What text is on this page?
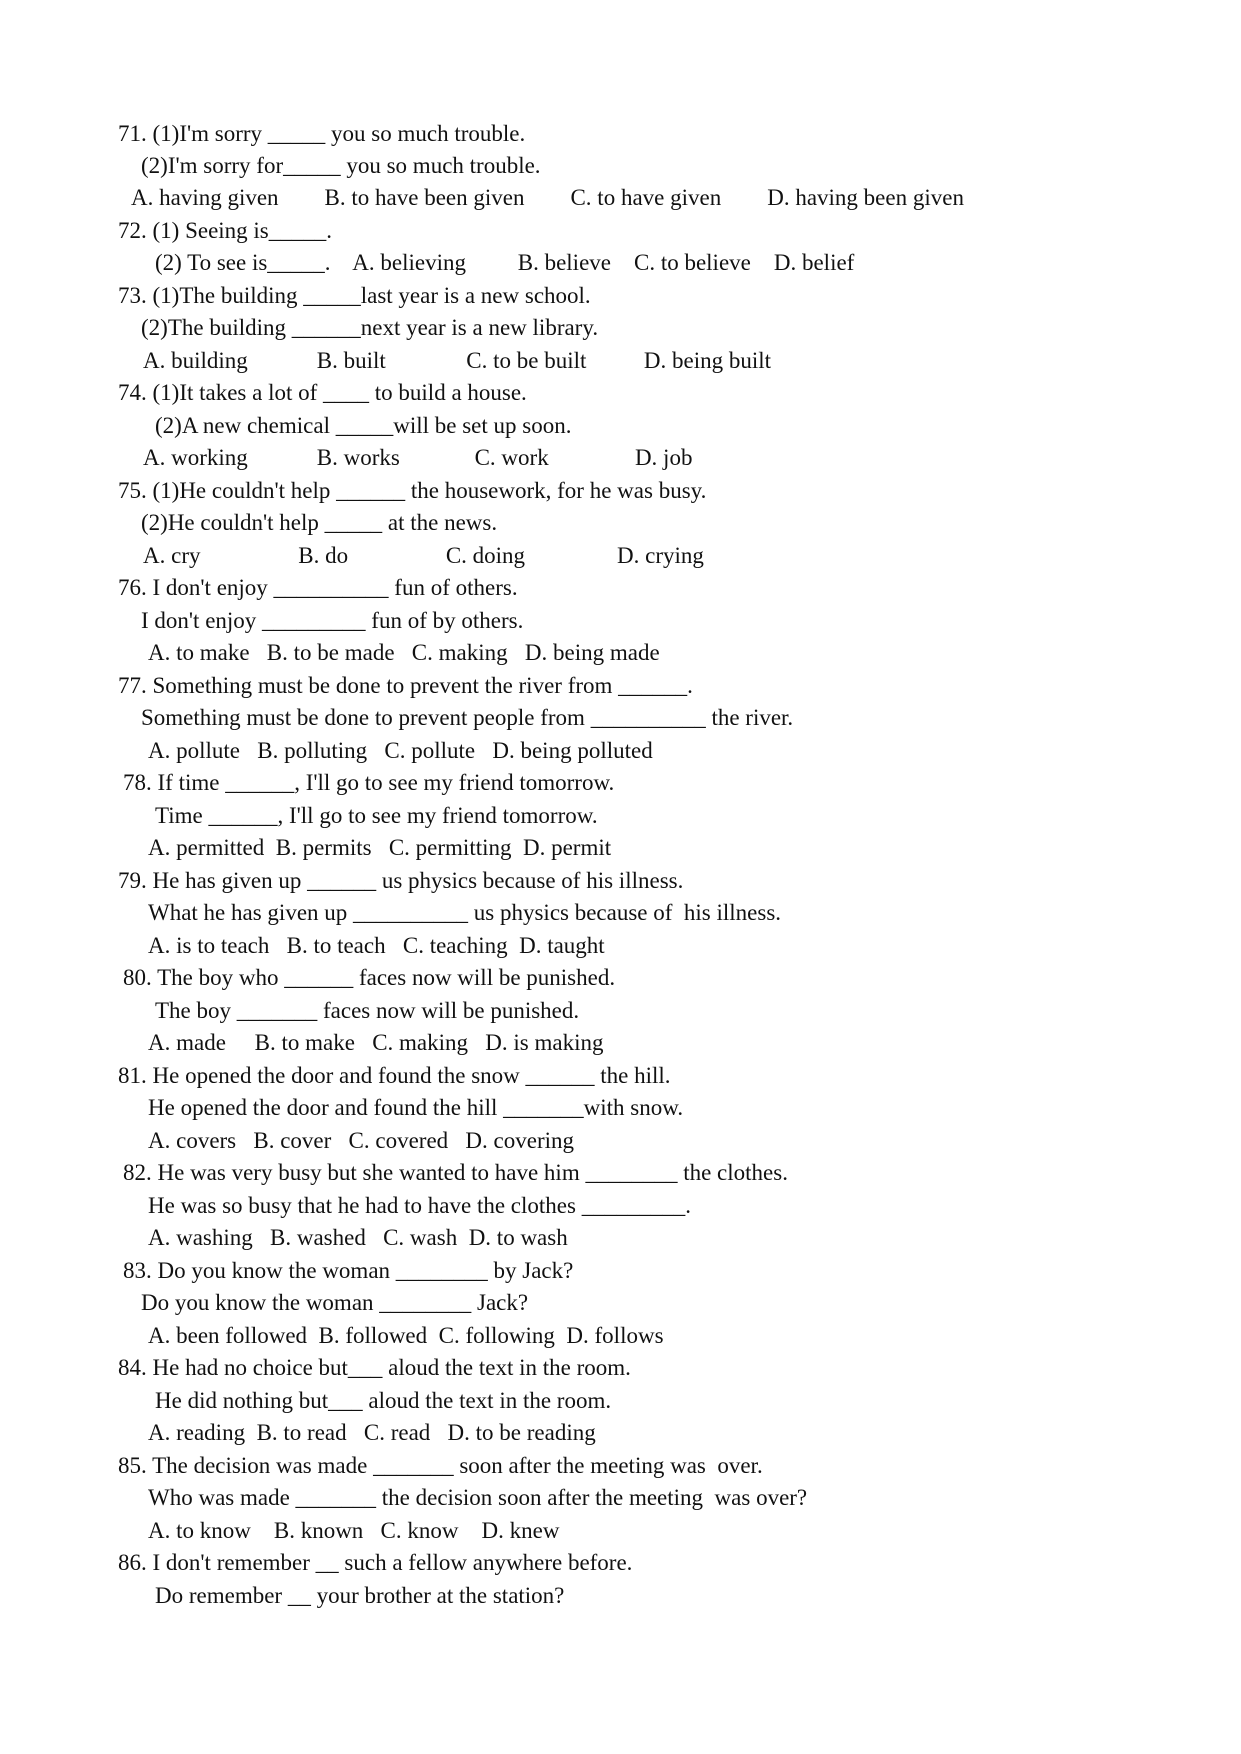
71. (1)I'm sorry _____ you so much trouble.
(2)I'm sorry for_____ you so much trouble.
A. having given        B. to have been given        C. to have given        D. having been given
72. (1) Seeing is_____.
(2) To see is_____.    A. believing         B. believe    C. to believe    D. belief
73. (1)The building _____last year is a new school.
(2)The building ______next year is a new library.
A. building            B. built              C. to be built          D. being built
74. (1)It takes a lot of ____ to build a house.
(2)A new chemical _____will be set up soon.
A. working            B. works             C. work               D. job
75. (1)He couldn't help ______ the housework, for he was busy.
(2)He couldn't help _____ at the news.
A. cry                 B. do                 C. doing                D. crying
76. I don't enjoy __________ fun of others.
I don't enjoy _________ fun of by others.
A. to make   B. to be made   C. making   D. being made
77. Something must be done to prevent the river from ______.
Something must be done to prevent people from __________ the river.
A. pollute   B. polluting   C. pollute   D. being polluted
78. If time ______, I'll go to see my friend tomorrow.
Time ______, I'll go to see my friend tomorrow.
A. permitted  B. permits   C. permitting  D. permit
79. He has given up ______ us physics because of his illness.
What he has given up __________ us physics because of  his illness.
A. is to teach   B. to teach   C. teaching  D. taught
80. The boy who ______ faces now will be punished.
The boy _______ faces now will be punished.
A. made     B. to make   C. making   D. is making
81. He opened the door and found the snow ______ the hill.
He opened the door and found the hill _______with snow.
A. covers   B. cover   C. covered   D. covering
82. He was very busy but she wanted to have him ________ the clothes.
He was so busy that he had to have the clothes _________.
A. washing   B. washed   C. wash  D. to wash
83. Do you know the woman ________ by Jack?
Do you know the woman ________ Jack?
A. been followed  B. followed  C. following  D. follows
84. He had no choice but___ aloud the text in the room.
He did nothing but___ aloud the text in the room.
A. reading  B. to read   C. read   D. to be reading
85. The decision was made _______ soon after the meeting was  over.
Who was made _______ the decision soon after the meeting  was over?
A. to know    B. known   C. know    D. knew
86. I don't remember __ such a fellow anywhere before.
Do remember __ your brother at the station?
